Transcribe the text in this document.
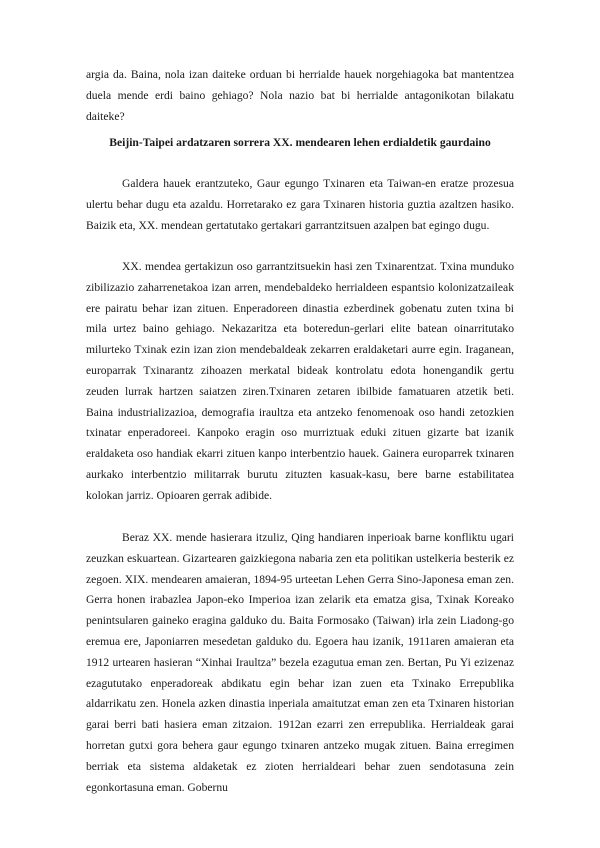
argia da. Baina, nola izan daiteke orduan bi herrialde hauek norgehiagoka bat mantentzea duela mende erdi baino gehiago? Nola nazio bat bi herrialde antagonikotan bilakatu daiteke?

Beijin-Taipei ardatzaren sorrera XX. mendearen lehen erdialdetik gaurdaino

Galdera hauek erantzuteko, Gaur egungo Txinaren eta Taiwan-en eratze prozesua ulertu behar dugu eta azaldu. Horretarako ez gara Txinaren historia guztia azaltzen hasiko. Baizik eta, XX. mendean gertatutako gertakari garrantzitsuen azalpen bat egingo dugu.

XX. mendea gertakizun oso garrantzitsuekin hasi zen Txinarentzat. Txina munduko zibilizazio zaharrenetakoa izan arren, mendebaldeko herrialdeen espantsio kolonizatzaileak ere pairatu behar izan zituen. Enperadoreen dinastia ezberdinek gobenatu zuten txina bi mila urtez baino gehiago. Nekazaritza eta boteredun-gerlari elite batean oinarritutako milurteko Txinak ezin izan zion mendebaldeak zekarren eraldaketari aurre egin. Iraganean, europarrak Txinarantz zihoazen merkatal bideak kontrolatu edota honengandik gertu zeuden lurrak hartzen saiatzen ziren.Txinaren zetaren ibilbide famatuaren atzetik beti. Baina industrializazioa, demografia iraultza eta antzeko fenomenoak oso handi zetozkien txinatar enperadoreei. Kanpoko eragin oso murriztuak eduki zituen gizarte bat izanik eraldaketa oso handiak ekarri zituen kanpo interbentzio hauek. Gainera europarrek txinaren aurkako interbentzio militarrak burutu zituzten kasuak-kasu, bere barne estabilitatea kolokan jarriz. Opioaren gerrak adibide.

Beraz XX. mende hasierara itzuliz, Qing handiaren inperioak barne konfliktu ugari zeuzkan eskuartean. Gizartearen gaizkiegona nabaria zen eta politikan ustelkeria besterik ez zegoen. XIX. mendearen amaieran, 1894-95 urteetan Lehen Gerra Sino-Japonesa eman zen. Gerra honen irabazlea Japon-eko Imperioa izan zelarik eta ematza gisa, Txinak Koreako penintsularen gaineko eragina galduko du. Baita Formosako (Taiwan) irla zein Liadong-go eremua ere, Japoniarren mesedetan galduko du. Egoera hau izanik, 1911aren amaieran eta 1912 urtearen hasieran “Xinhai Iraultza” bezela ezagutua eman zen. Bertan, Pu Yi ezizenaz ezagututako enperadoreak abdikatu egin behar izan zuen eta Txinako Errepublika aldarrikatu zen. Honela azken dinastia inperiala amaitutzat eman zen eta Txinaren historian garai berri bati hasiera eman zitzaion. 1912an ezarri zen errepublika. Herrialdeak garai horretan gutxi gora behera gaur egungo txinaren antzeko mugak zituen. Baina erregimen berriak eta sistema aldaketak ez zioten herrialdeari behar zuen sendotasuna zein egonkortasuna eman. Gobernu
